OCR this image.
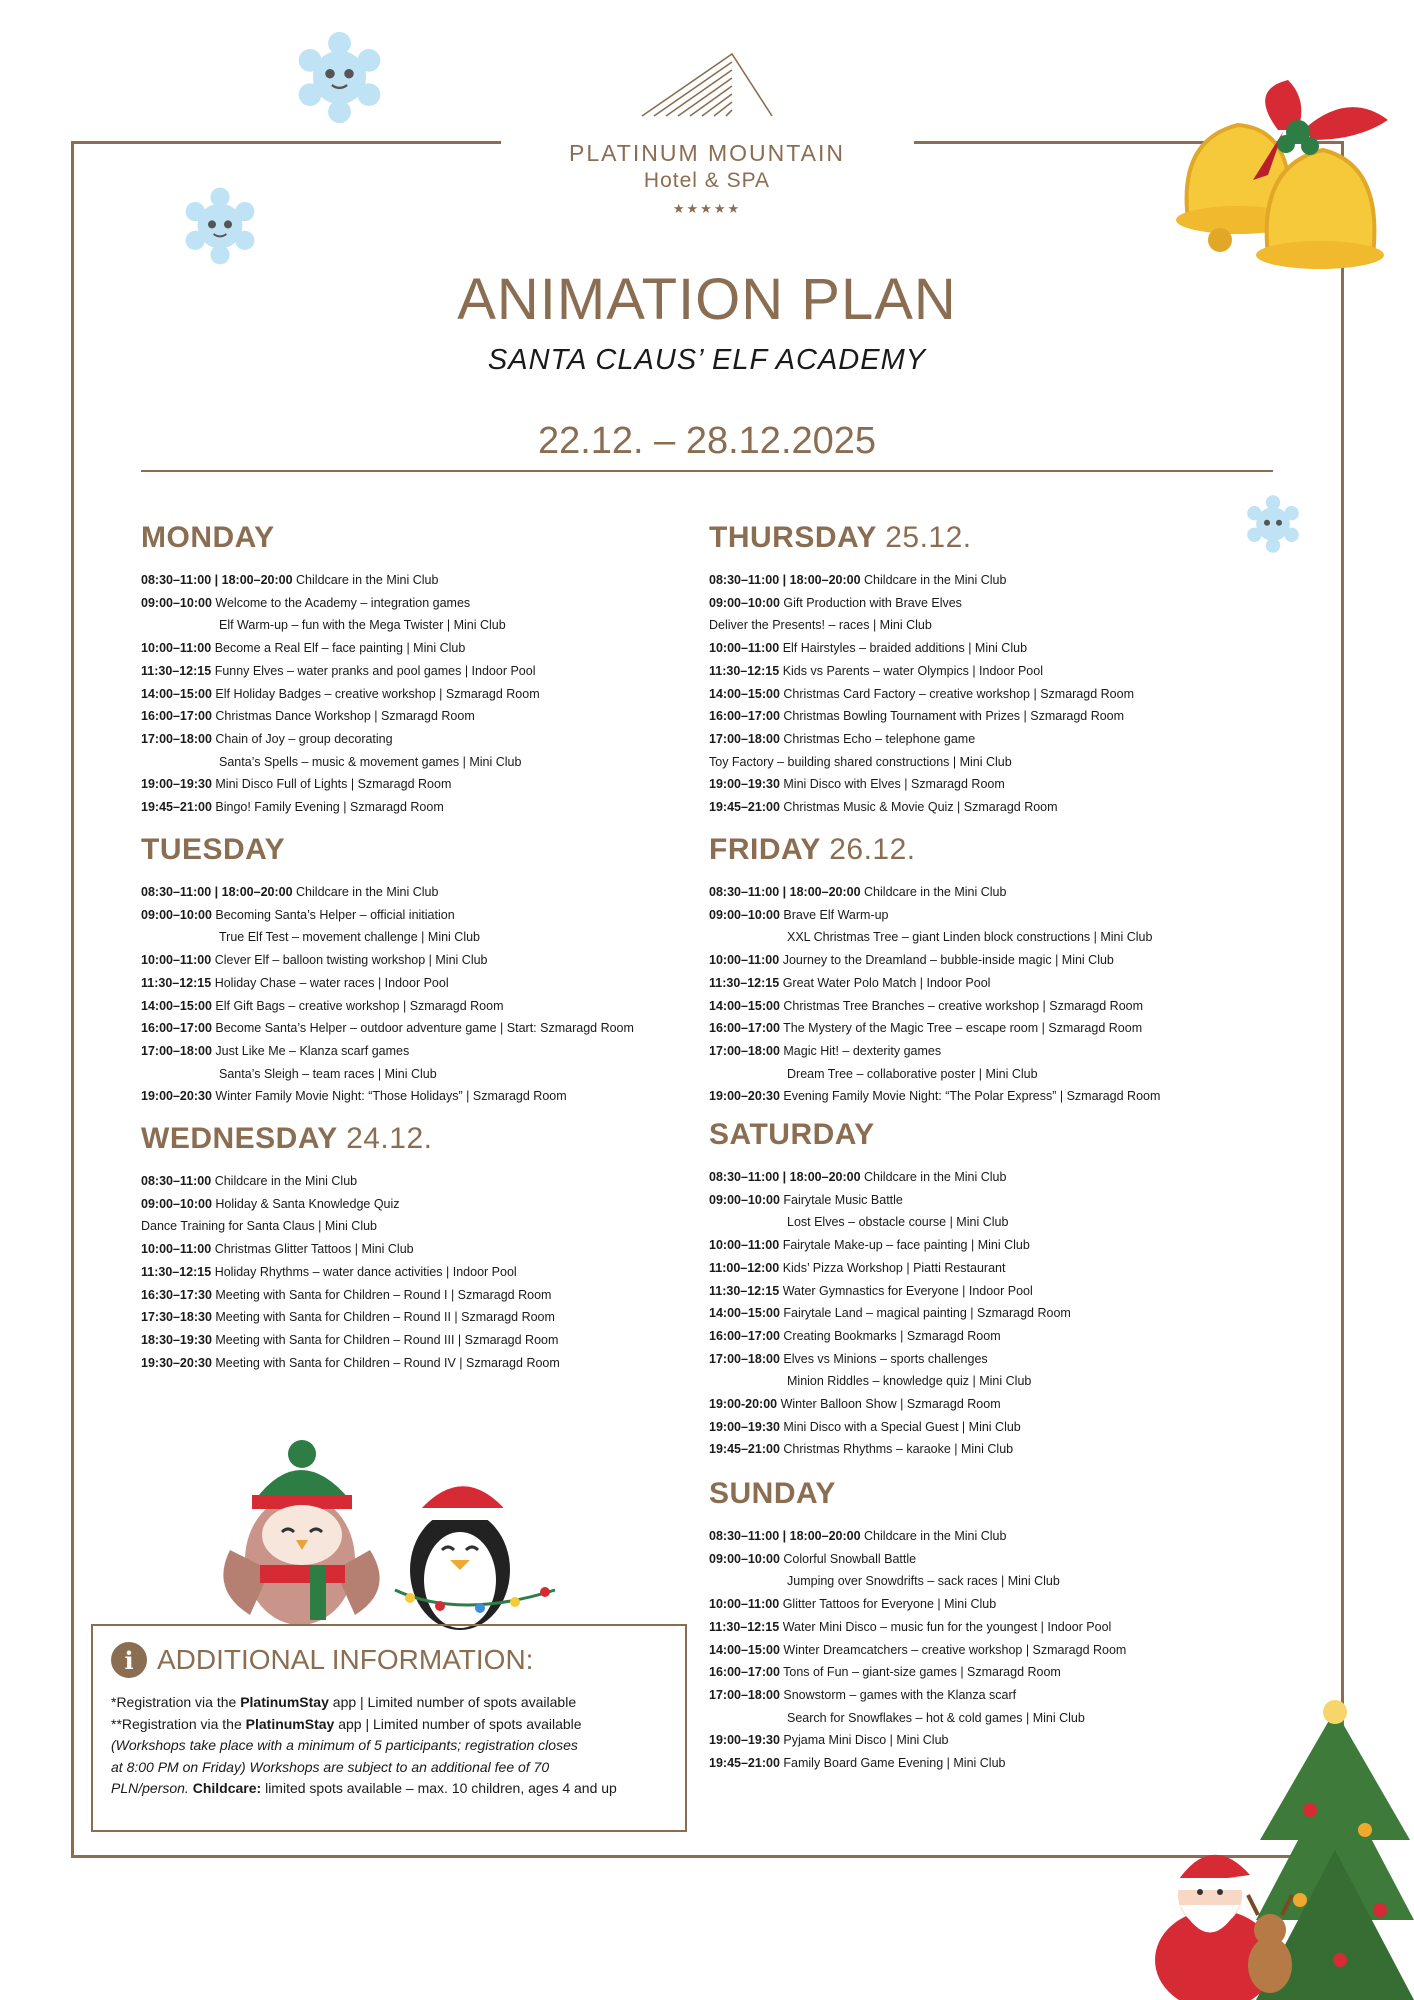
PLATINUM MOUNTAIN
Hotel & SPA
★★★★★
ANIMATION PLAN
SANTA CLAUS’ ELF ACADEMY
22.12. – 28.12.2025
MONDAY
08:30–11:00 | 18:00–20:00 Childcare in the Mini Club
09:00–10:00 Welcome to the Academy – integration games
Elf Warm-up – fun with the Mega Twister | Mini Club
10:00–11:00 Become a Real Elf – face painting | Mini Club
11:30–12:15 Funny Elves – water pranks and pool games | Indoor Pool
14:00–15:00 Elf Holiday Badges – creative workshop | Szmaragd Room
16:00–17:00 Christmas Dance Workshop | Szmaragd Room
17:00–18:00 Chain of Joy – group decorating
Santa’s Spells – music & movement games | Mini Club
19:00–19:30 Mini Disco Full of Lights | Szmaragd Room
19:45–21:00 Bingo! Family Evening | Szmaragd Room
TUESDAY
08:30–11:00 | 18:00–20:00 Childcare in the Mini Club
09:00–10:00 Becoming Santa’s Helper – official initiation
True Elf Test – movement challenge | Mini Club
10:00–11:00 Clever Elf – balloon twisting workshop | Mini Club
11:30–12:15 Holiday Chase – water races | Indoor Pool
14:00–15:00 Elf Gift Bags – creative workshop | Szmaragd Room
16:00–17:00 Become Santa’s Helper – outdoor adventure game | Start: Szmaragd Room
17:00–18:00 Just Like Me – Klanza scarf games
Santa’s Sleigh – team races | Mini Club
19:00–20:30 Winter Family Movie Night: “Those Holidays” | Szmaragd Room
WEDNESDAY 24.12.
08:30–11:00 Childcare in the Mini Club
09:00–10:00 Holiday & Santa Knowledge Quiz
Dance Training for Santa Claus | Mini Club
10:00–11:00 Christmas Glitter Tattoos | Mini Club
11:30–12:15 Holiday Rhythms – water dance activities | Indoor Pool
16:30–17:30 Meeting with Santa for Children – Round I | Szmaragd Room
17:30–18:30 Meeting with Santa for Children – Round II | Szmaragd Room
18:30–19:30 Meeting with Santa for Children – Round III | Szmaragd Room
19:30–20:30 Meeting with Santa for Children – Round IV | Szmaragd Room
THURSDAY 25.12.
08:30–11:00 | 18:00–20:00 Childcare in the Mini Club
09:00–10:00 Gift Production with Brave Elves
Deliver the Presents! – races | Mini Club
10:00–11:00 Elf Hairstyles – braided additions | Mini Club
11:30–12:15 Kids vs Parents – water Olympics | Indoor Pool
14:00–15:00 Christmas Card Factory – creative workshop | Szmaragd Room
16:00–17:00 Christmas Bowling Tournament with Prizes | Szmaragd Room
17:00–18:00 Christmas Echo – telephone game
Toy Factory – building shared constructions | Mini Club
19:00–19:30 Mini Disco with Elves | Szmaragd Room
19:45–21:00 Christmas Music & Movie Quiz | Szmaragd Room
FRIDAY 26.12.
08:30–11:00 | 18:00–20:00 Childcare in the Mini Club
09:00–10:00 Brave Elf Warm-up
XXL Christmas Tree – giant Linden block constructions | Mini Club
10:00–11:00 Journey to the Dreamland – bubble-inside magic | Mini Club
11:30–12:15 Great Water Polo Match | Indoor Pool
14:00–15:00 Christmas Tree Branches – creative workshop | Szmaragd Room
16:00–17:00 The Mystery of the Magic Tree – escape room | Szmaragd Room
17:00–18:00 Magic Hit! – dexterity games
Dream Tree – collaborative poster | Mini Club
19:00–20:30 Evening Family Movie Night: “The Polar Express” | Szmaragd Room
SATURDAY
08:30–11:00 | 18:00–20:00 Childcare in the Mini Club
09:00–10:00 Fairytale Music Battle
Lost Elves – obstacle course | Mini Club
10:00–11:00 Fairytale Make-up – face painting | Mini Club
11:00–12:00 Kids’ Pizza Workshop | Piatti Restaurant
11:30–12:15 Water Gymnastics for Everyone | Indoor Pool
14:00–15:00 Fairytale Land – magical painting | Szmaragd Room
16:00–17:00 Creating Bookmarks | Szmaragd Room
17:00–18:00 Elves vs Minions – sports challenges
Minion Riddles – knowledge quiz | Mini Club
19:00-20:00 Winter Balloon Show | Szmaragd Room
19:00–19:30 Mini Disco with a Special Guest | Mini Club
19:45–21:00 Christmas Rhythms – karaoke | Mini Club
SUNDAY
08:30–11:00 | 18:00–20:00 Childcare in the Mini Club
09:00–10:00 Colorful Snowball Battle
Jumping over Snowdrifts – sack races | Mini Club
10:00–11:00 Glitter Tattoos for Everyone | Mini Club
11:30–12:15 Water Mini Disco – music fun for the youngest | Indoor Pool
14:00–15:00 Winter Dreamcatchers – creative workshop | Szmaragd Room
16:00–17:00 Tons of Fun – giant-size games | Szmaragd Room
17:00–18:00 Snowstorm – games with the Klanza scarf
Search for Snowflakes – hot & cold games | Mini Club
19:00–19:30 Pyjama Mini Disco | Mini Club
19:45–21:00 Family Board Game Evening | Mini Club
i ADDITIONAL INFORMATION:
*Registration via the PlatinumStay app | Limited number of spots available
**Registration via the PlatinumStay app | Limited number of spots available
(Workshops take place with a minimum of 5 participants; registration closes
at 8:00 PM on Friday) Workshops are subject to an additional fee of 70
PLN/person. Childcare: limited spots available – max. 10 children, ages 4 and up
